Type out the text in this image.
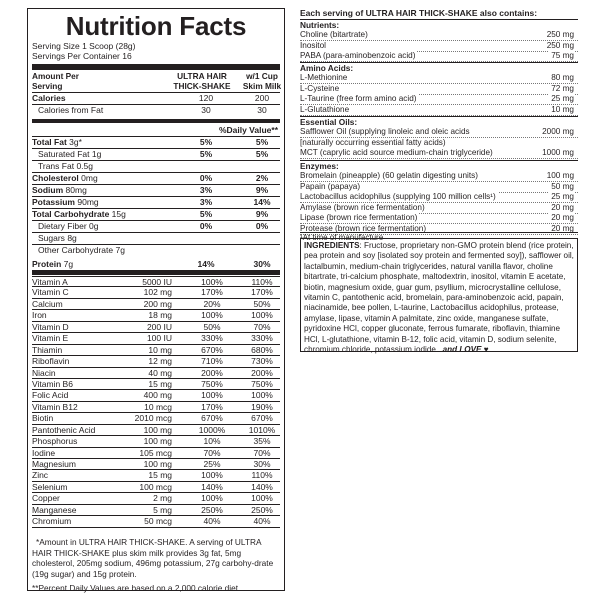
Nutrition Facts
Serving Size 1 Scoop (28g)
Servings Per Container 16
Amount Per Serving
ULTRA HAIR THICK-SHAKE
w/1 Cup Skim Milk
Calories	120	200
Calories from Fat	30	30
%Daily Value**
Total Fat 3g*	5%	5%
Saturated Fat 1g	5%	5%
Trans Fat 0.5g
Cholesterol 0mg	0%	2%
Sodium 80mg	3%	9%
Potassium 90mg	3%	14%
Total Carbohydrate 15g	5%	9%
Dietary Fiber 0g	0%	0%
Sugars 8g
Other Carbohydrate 7g
Protein 7g	14%	30%
Vitamin A	5000 IU	100%	110%
Vitamin C	102 mg	170%	170%
Calcium	200 mg	20%	50%
Iron	18 mg	100%	100%
Vitamin D	200 IU	50%	70%
Vitamin E	100 IU	330%	330%
Thiamin	10 mg	670%	680%
Riboflavin	12 mg	710%	730%
Niacin	40 mg	200%	200%
Vitamin B6	15 mg	750%	750%
Folic Acid	400 mg	100%	100%
Vitamin B12	10 mcg	170%	190%
Biotin	2010 mcg	670%	670%
Pantothenic Acid	100 mg	1000%	1010%
Phosphorus	100 mg	10%	35%
Iodine	105 mcg	70%	70%
Magnesium	100 mg	25%	30%
Zinc	15 mg	100%	110%
Selenium	100 mcg	140%	140%
Copper	2 mg	100%	100%
Manganese	5 mg	250%	250%
Chromium	50 mcg	40%	40%
*Amount in ULTRA HAIR THICK-SHAKE. A serving of ULTRA HAIR THICK-SHAKE plus skim milk provides 3g fat, 5mg cholesterol, 205mg sodium, 496mg potassium, 27g carbohy-drate (19g sugar) and 15g protein.
**Percent Daily Values are based on a 2,000 calorie diet.
Each serving of ULTRA HAIR THICK-SHAKE also contains:
Nutrients:
Choline (bitartrate)	250 mg
Inositol	250 mg
PABA (para-aminobenzoic acid)	75 mg
Amino Acids:
L-Methionine	80 mg
L-Cysteine	72 mg
L-Taurine (free form amino acid)	25 mg
L-Glutathione	10 mg
Essential Oils:
Safflower Oil (supplying linoleic and oleic acids	2000 mg
[naturally occurring essential fatty acids)
MCT (caprylic acid source medium-chain triglyceride)	1000 mg
Enzymes:
Bromelain (pineapple) (60 gelatin digesting units)	100 mg
Papain (papaya)	50 mg
Lactobacillus acidophilus (supplying 100 million cells¹)	25 mg
Amylase (brown rice fermentation)	20 mg
Lipase (brown rice fermentation)	20 mg
Protease (brown rice fermentation)	20 mg
¹At time of manufacture
INGREDIENTS: Fructose, proprietary non-GMO protein blend (rice protein, pea protein and soy [isolated soy protein and fermented soy]), safflower oil, lactalbumin, medium-chain triglycerides, natural vanilla flavor, choline bitartrate, tri-calcium phosphate, maltodextrin, inositol, vitamin E acetate, biotin, magnesium oxide, guar gum, psyllium, microcrystalline cellulose, vitamin C, pantothenic acid, bromelain, para-aminobenzoic acid, papain, niacinamide, bee pollen, L-taurine, Lactobacillus acidophilus, protease, amylase, lipase, vitamin A palmitate, zinc oxide, manganese sulfate, pyridoxine HCl, copper gluconate, ferrous fumarate, riboflavin, thiamine HCl, L-glutathione, vitamin B-12, folic acid, vitamin D, sodium selenite, chromium chloride, potassium iodide...and LOVE ♥
